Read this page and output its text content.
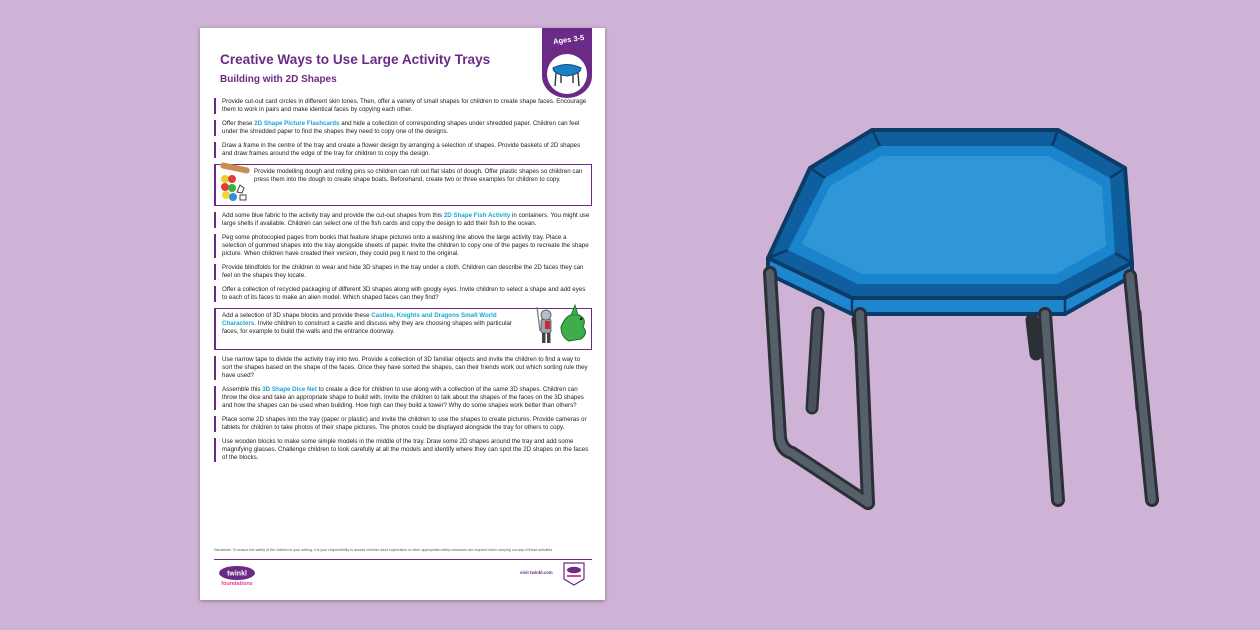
Creative Ways to Use Large Activity Trays
Building with 2D Shapes
Ages 3-5
Provide cut-out card circles in different skin tones. Then, offer a variety of small shapes for children to create shape faces. Encourage them to work in pairs and make identical faces by copying each other.
Offer these 2D Shape Picture Flashcards and hide a collection of corresponding shapes under shredded paper. Children can feel under the shredded paper to find the shapes they need to copy one of the designs.
Draw a frame in the centre of the tray and create a flower design by arranging a selection of shapes. Provide baskets of 2D shapes and draw frames around the edge of the tray for children to copy the design.
Provide modelling dough and rolling pins so children can roll out flat slabs of dough. Offer plastic shapes so children can press them into the dough to create shape boats. Beforehand, create two or three examples for children to copy.
Add some blue fabric to the activity tray and provide the cut-out shapes from this 2D Shape Fish Activity in containers. You might use large shells if available. Children can select one of the fish cards and copy the design to add their fish to the ocean.
Peg some photocopied pages from books that feature shape pictures onto a washing line above the large activity tray. Place a selection of gummed shapes into the tray alongside sheets of paper. Invite the children to copy one of the pages to recreate the shape picture. When children have created their version, they could peg it next to the original.
Provide blindfolds for the children to wear and hide 3D shapes in the tray under a cloth. Children can describe the 2D faces they can feel on the shapes they locate.
Offer a collection of recycled packaging of different 3D shapes along with googly eyes. Invite children to select a shape and add eyes to each of its faces to make an alien model. Which shaped faces can they find?
Add a selection of 3D shape blocks and provide these Castles, Knights and Dragons Small World Characters. Invite children to construct a castle and discuss why they are choosing shapes with particular faces, for example to build the walls and the entrance doorway.
Use narrow tape to divide the activity tray into two. Provide a collection of 3D familiar objects and invite the children to find a way to sort the shapes based on the shape of the faces. Once they have sorted the shapes, can their friends work out which sorting rule they have used?
Assemble this 3D Shape Dice Net to create a dice for children to use along with a collection of the same 3D shapes. Children can throw the dice and take an appropriate shape to build with. Invite the children to talk about the shapes of the faces on the 3D shapes and how the shapes can be used when building. How high can they build a tower? Why do some shapes work better than others?
Place some 2D shapes into the tray (paper or plastic) and invite the children to use the shapes to create pictures. Provide cameras or tablets for children to take photos of their shape pictures. The photos could be displayed alongside the tray for others to copy.
Use wooden blocks to make some simple models in the middle of the tray. Draw some 2D shapes around the tray and add some magnifying glasses. Challenge children to look carefully at all the models and identify where they can spot the 2D shapes on the faces of the blocks.
Disclaimer: To ensure the safety of the children in your setting, it is your responsibility to assess whether adult supervision or other appropriate safety measures are required when carrying out any of these activities.
twinkl
foundations
visit twinkl.com
